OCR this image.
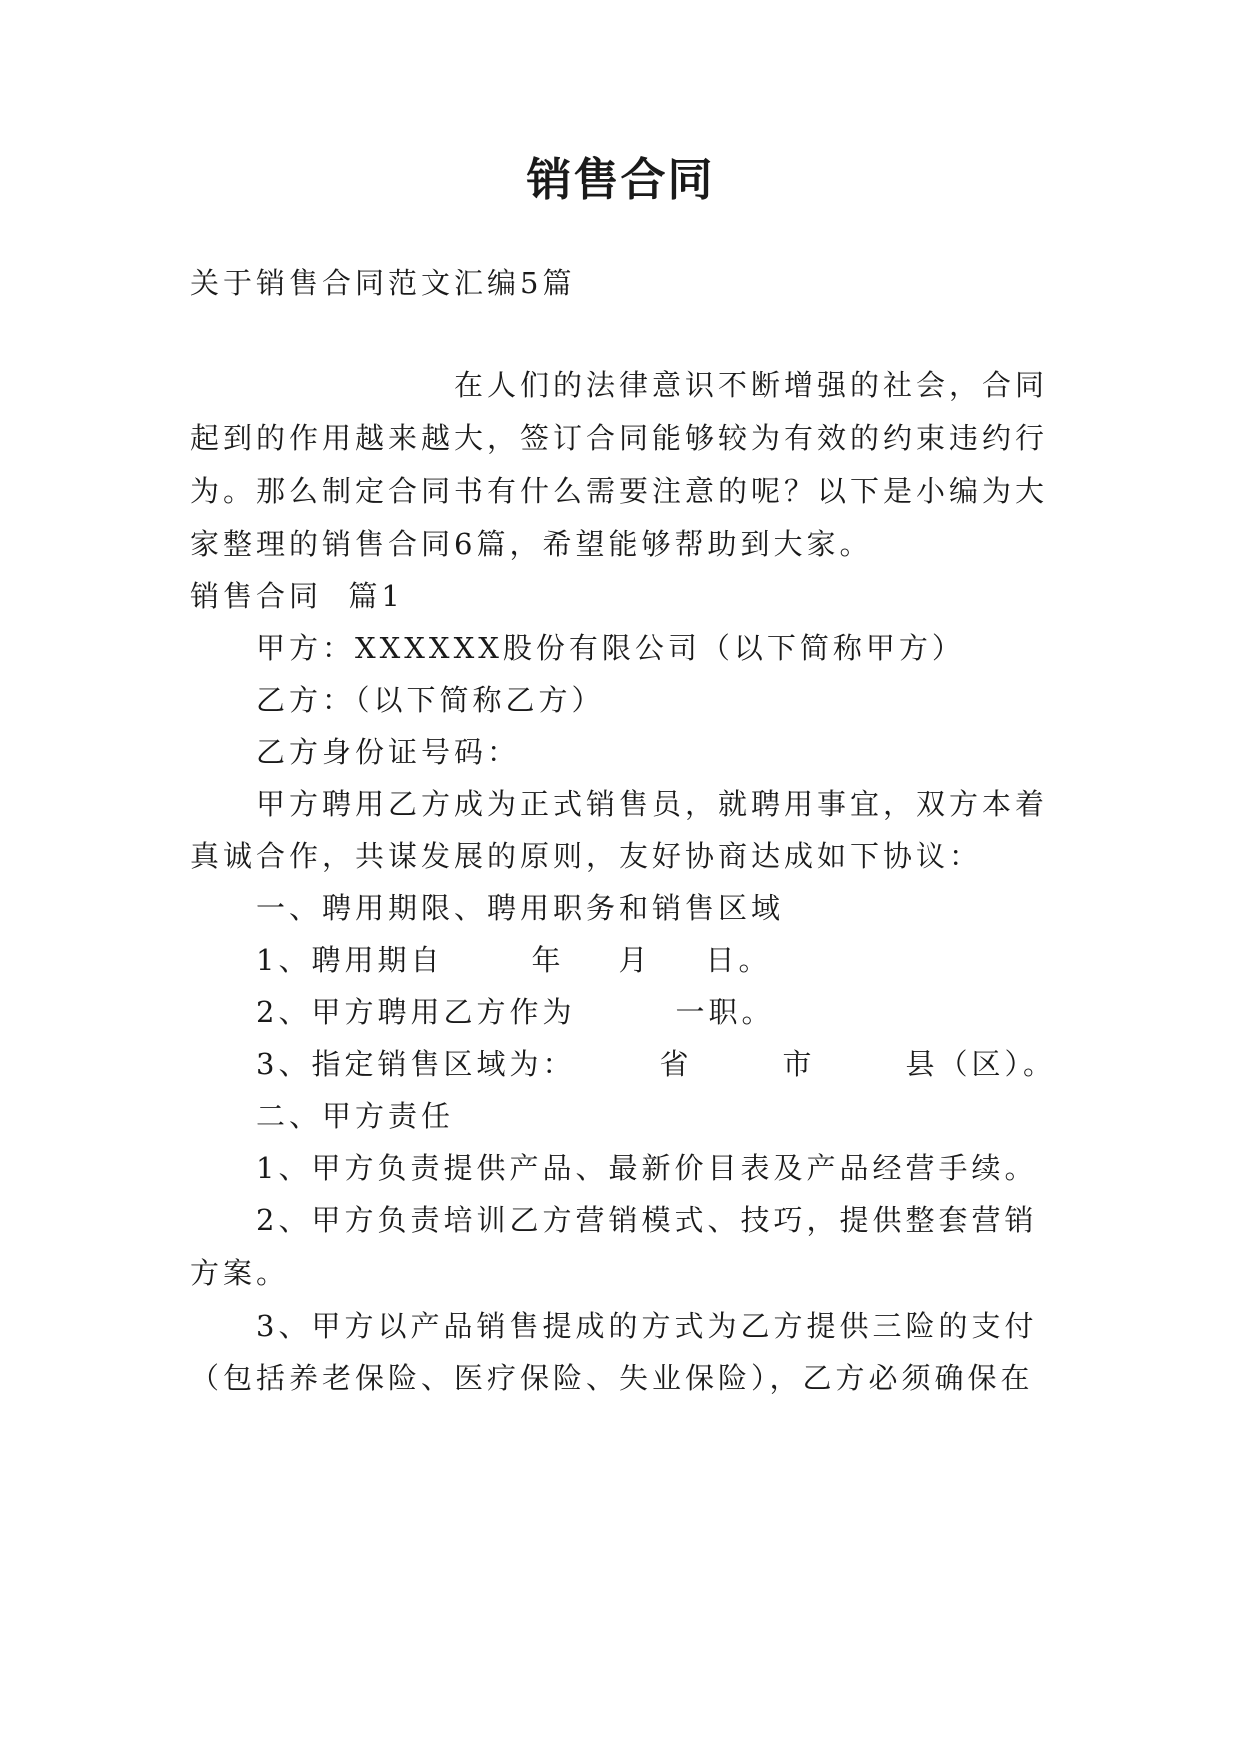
销售合同
关于销售合同范文汇编5篇
在人们的法律意识不断增强的社会，合同
起到的作用越来越大，签订合同能够较为有效的约束违约行
为。那么制定合同书有什么需要注意的呢？以下是小编为大
家整理的销售合同6篇，希望能够帮助到大家。
销售合同  篇1
甲方：XXXXXX股份有限公司（以下简称甲方）
乙方：（以下简称乙方）
乙方身份证号码：
甲方聘用乙方成为正式销售员，就聘用事宜，双方本着
真诚合作，共谋发展的原则，友好协商达成如下协议：
一、聘用期限、聘用职务和销售区域
1、聘用期自	年 月 日。
2、甲方聘用乙方作为	一职。
3、指定销售区域为：	省	市	县（区）。
二、甲方责任
1、甲方负责提供产品、最新价目表及产品经营手续。
2、甲方负责培训乙方营销模式、技巧，提供整套营销
方案。
3、甲方以产品销售提成的方式为乙方提供三险的支付
（包括养老保险、医疗保险、失业保险），乙方必须确保在
